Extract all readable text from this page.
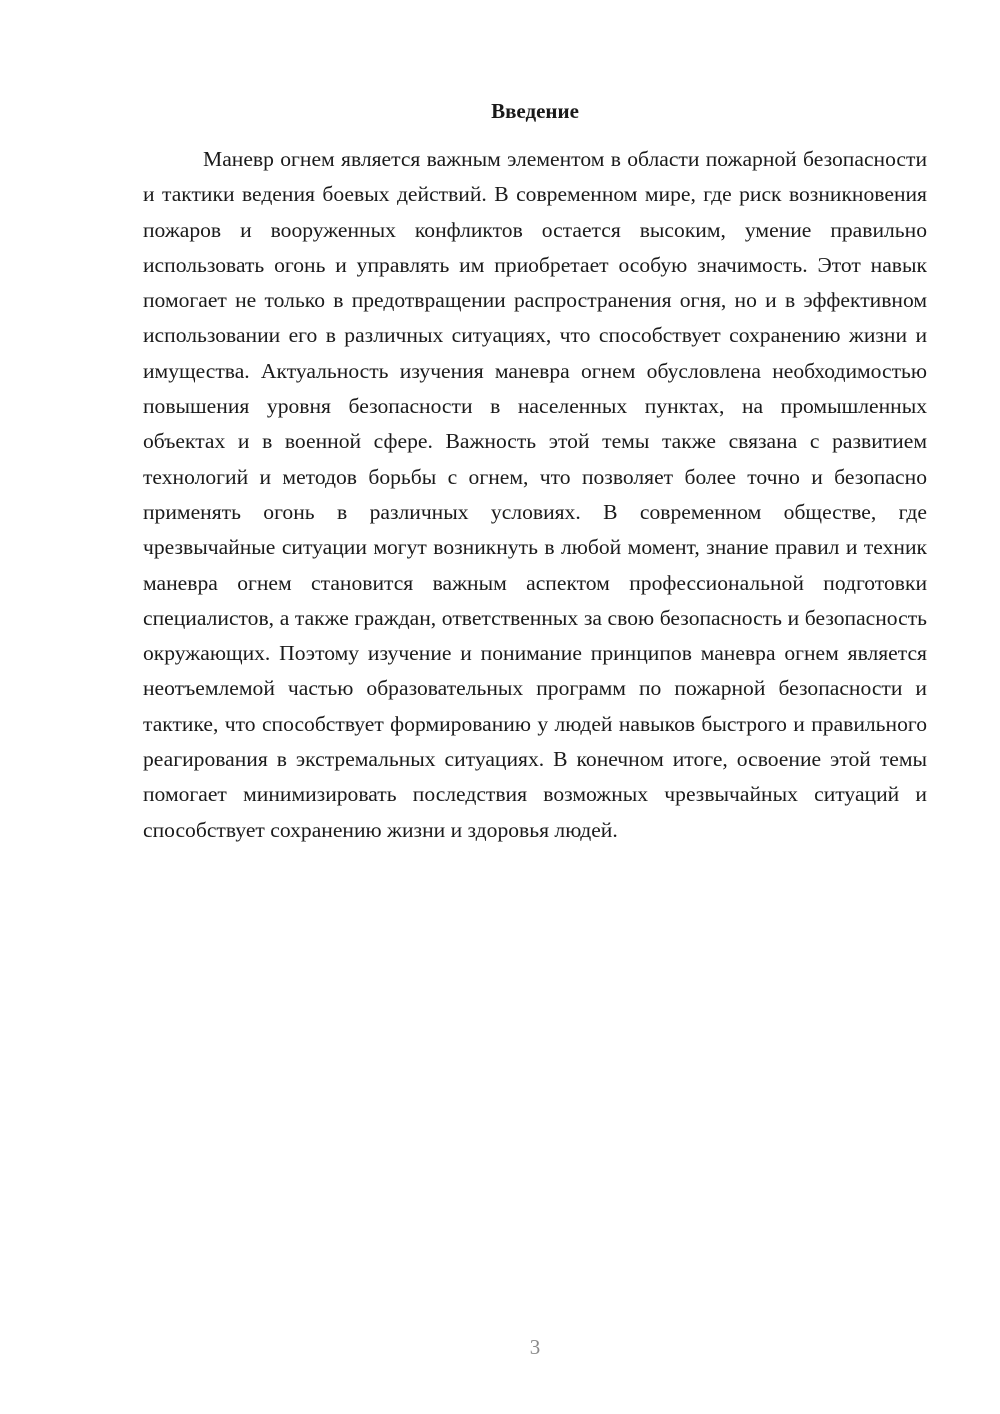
Введение

Маневр огнем является важным элементом в области пожарной безопасности и тактики ведения боевых действий. В современном мире, где риск возникновения пожаров и вооруженных конфликтов остается высоким, умение правильно использовать огонь и управлять им приобретает особую значимость. Этот навык помогает не только в предотвращении распространения огня, но и в эффективном использовании его в различных ситуациях, что способствует сохранению жизни и имущества. Актуальность изучения маневра огнем обусловлена необходимостью повышения уровня безопасности в населенных пунктах, на промышленных объектах и в военной сфере. Важность этой темы также связана с развитием технологий и методов борьбы с огнем, что позволяет более точно и безопасно применять огонь в различных условиях. В современном обществе, где чрезвычайные ситуации могут возникнуть в любой момент, знание правил и техник маневра огнем становится важным аспектом профессиональной подготовки специалистов, а также граждан, ответственных за свою безопасность и безопасность окружающих. Поэтому изучение и понимание принципов маневра огнем является неотъемлемой частью образовательных программ по пожарной безопасности и тактике, что способствует формированию у людей навыков быстрого и правильного реагирования в экстремальных ситуациях. В конечном итоге, освоение этой темы помогает минимизировать последствия возможных чрезвычайных ситуаций и способствует сохранению жизни и здоровья людей.

3
